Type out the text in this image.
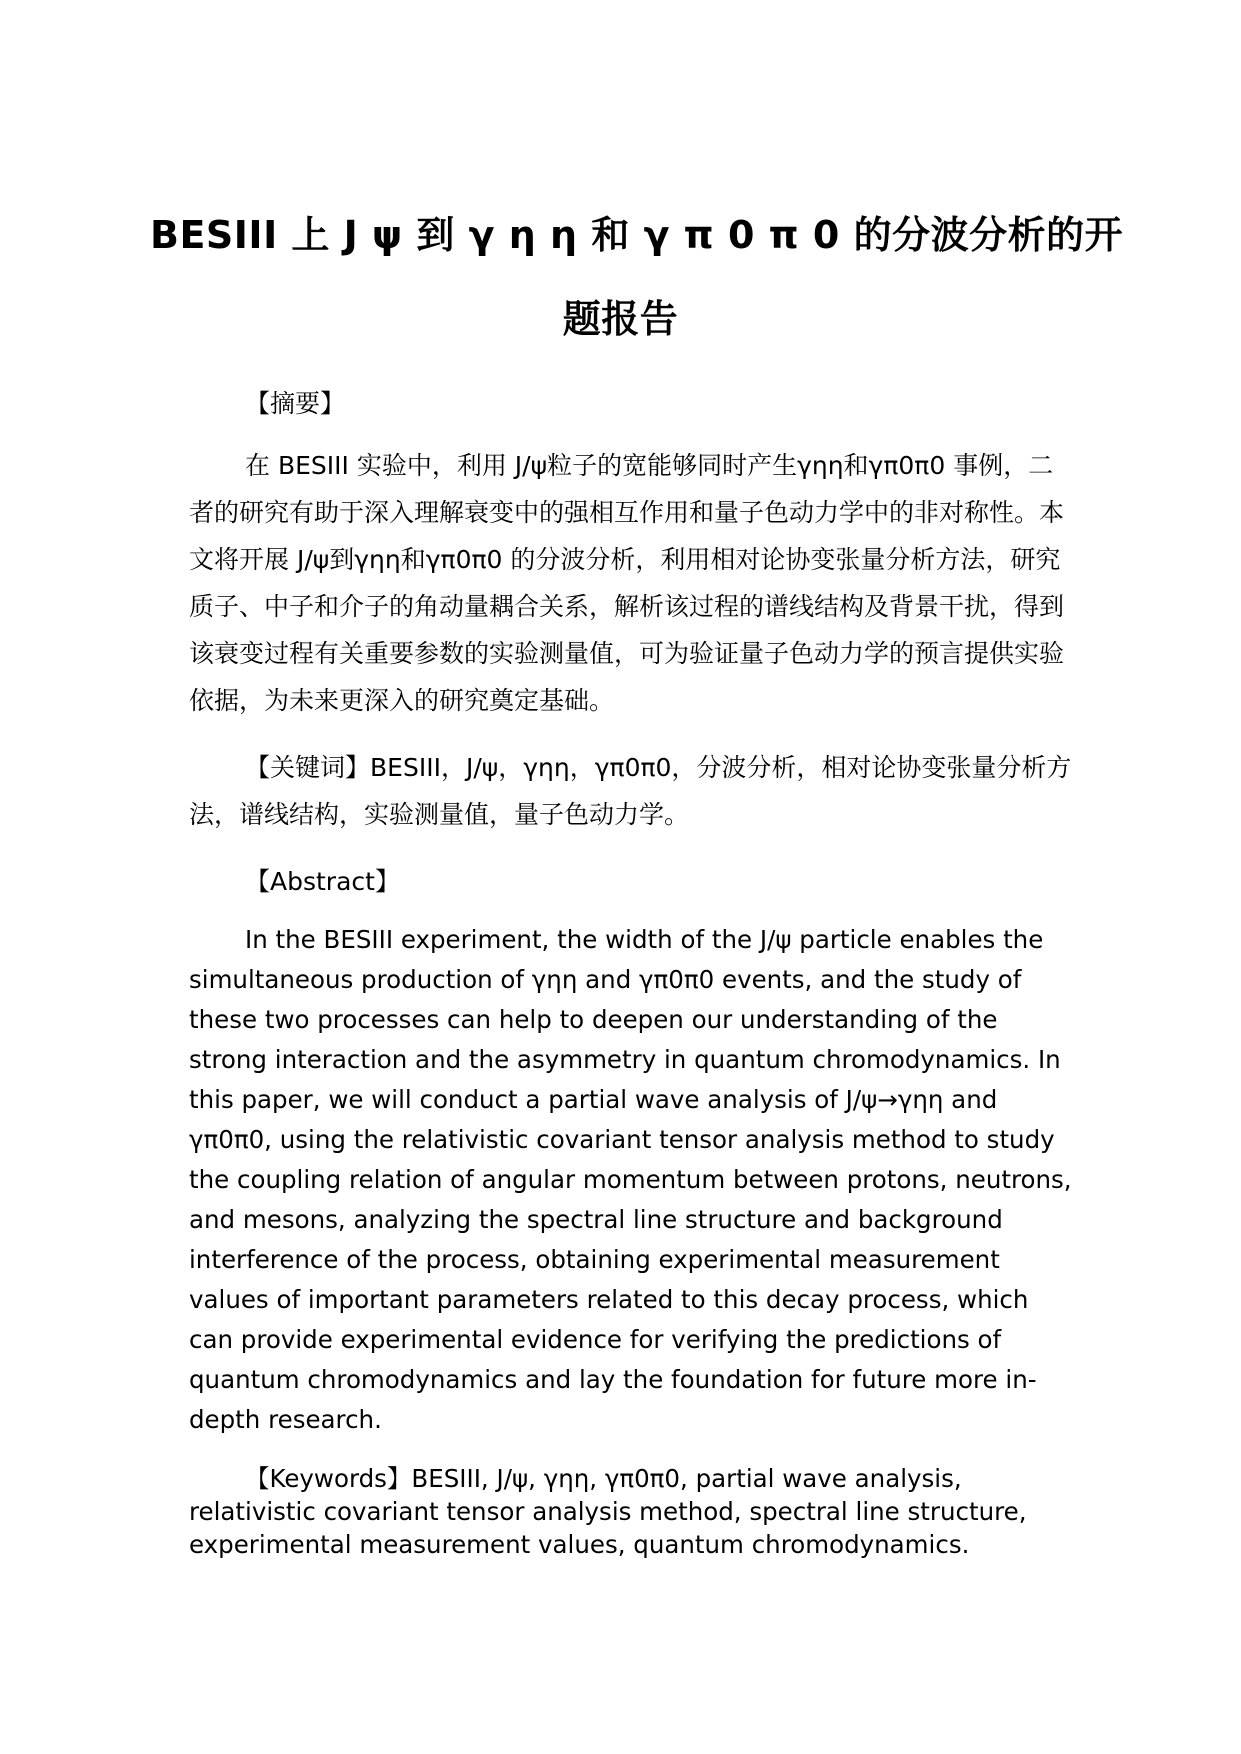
BESIII 上 J ψ 到 γ η η 和 γ π 0 π 0 的分波分析的开
题报告

【摘要】

在 BESIII 实验中，利用 J/ψ粒子的宽能够同时产生γηη和γπ0π0 事例，二者的研究有助于深入理解衰变中的强相互作用和量子色动力学中的非对称性。本文将开展 J/ψ到γηη和γπ0π0 的分波分析，利用相对论协变张量分析方法，研究质子、中子和介子的角动量耦合关系，解析该过程的谱线结构及背景干扰，得到该衰变过程有关重要参数的实验测量值，可为验证量子色动力学的预言提供实验依据，为未来更深入的研究奠定基础。

【关键词】BESIII，J/ψ，γηη，γπ0π0，分波分析，相对论协变张量分析方法，谱线结构，实验测量值，量子色动力学。

【Abstract】

In the BESIII experiment, the width of the J/ψ particle enables the simultaneous production of γηη and γπ0π0 events, and the study of these two processes can help to deepen our understanding of the strong interaction and the asymmetry in quantum chromodynamics. In this paper, we will conduct a partial wave analysis of J/ψ→γηη and γπ0π0, using the relativistic covariant tensor analysis method to study the coupling relation of angular momentum between protons, neutrons, and mesons, analyzing the spectral line structure and background interference of the process, obtaining experimental measurement values of important parameters related to this decay process, which can provide experimental evidence for verifying the predictions of quantum chromodynamics and lay the foundation for future more in-depth research.

【Keywords】BESIII, J/ψ, γηη, γπ0π0, partial wave analysis, relativistic covariant tensor analysis method, spectral line structure, experimental measurement values, quantum chromodynamics.
